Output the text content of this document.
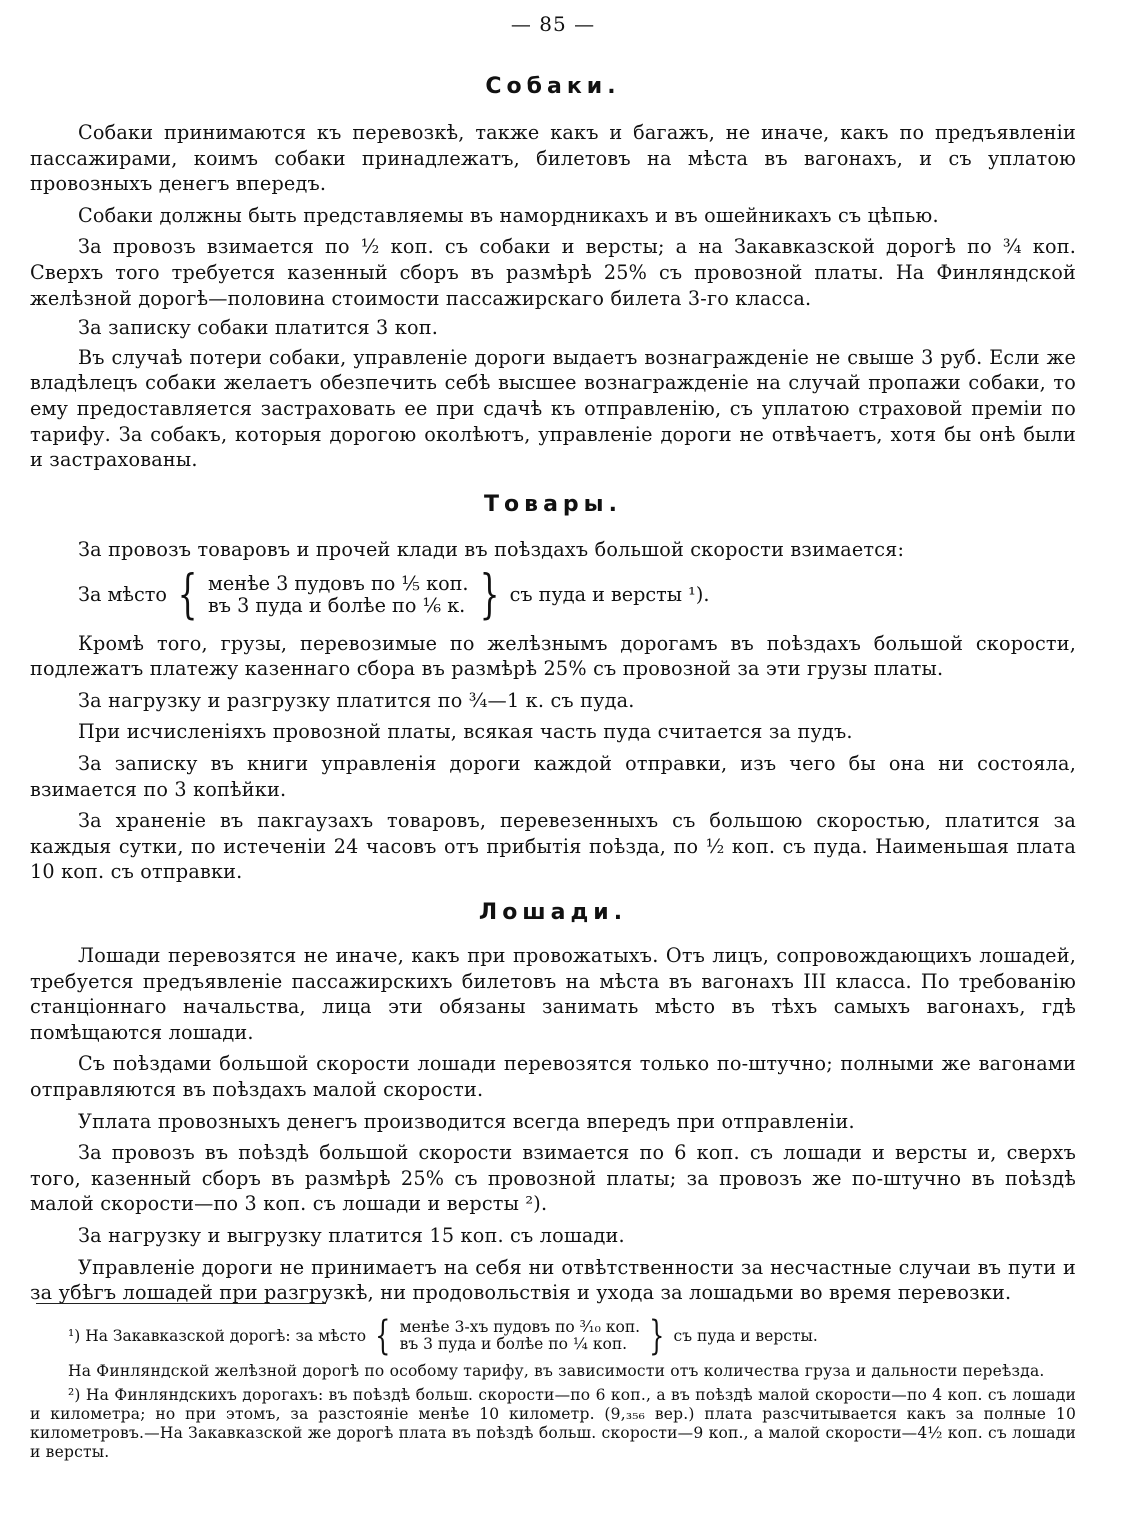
— 85 —
Собаки.

Собаки принимаются къ перевозкѣ, также какъ и багажъ, не иначе, какъ по предъявленіи пассажирами, коимъ собаки принадлежатъ, билетовъ на мѣста въ вагонахъ, и съ уплатою провозныхъ денегъ впередъ.

Собаки должны быть представляемы въ намордникахъ и въ ошейникахъ съ цѣпью.

За провозъ взимается по ½ коп. съ собаки и версты; а на Закавказской дорогѣ по ¾ коп. Сверхъ того требуется казенный сборъ въ размѣрѣ 25% съ провозной платы. На Финляндской желѣзной дорогѣ—половина стоимости пассажирскаго билета 3-го класса.

За записку собаки платится 3 коп.

Въ случаѣ потери собаки, управленіе дороги выдаетъ вознагражденіе не свыше 3 руб. Если же владѣлецъ собаки желаетъ обезпечить себѣ высшее вознагражденіе на случай пропажи собаки, то ему предоставляется застраховать ее при сдачѣ къ отправленію, съ уплатою страховой преміи по тарифу. За собакъ, которыя дорогою околѣютъ, управленіе дороги не отвѣчаетъ, хотя бы онѣ были и застрахованы.

Товары.

За провозъ товаровъ и прочей клади въ поѣздахъ большой скорости взимается:

За мѣсто { менѣе 3 пудовъ по ⅕ коп.
въ 3 пуда и болѣе по ⅙ к. } съ пуда и версты ¹).

Кромѣ того, грузы, перевозимые по желѣзнымъ дорогамъ въ поѣздахъ большой скорости, подлежатъ платежу казеннаго сбора въ размѣрѣ 25% съ провозной за эти грузы платы.

За нагрузку и разгрузку платится по ¾—1 к. съ пуда.

При исчисленіяхъ провозной платы, всякая часть пуда считается за пудъ.

За записку въ книги управленія дороги каждой отправки, изъ чего бы она ни состояла, взимается по 3 копѣйки.

За храненіе въ пакгаузахъ товаровъ, перевезенныхъ съ большою скоростью, платится за каждыя сутки, по истеченіи 24 часовъ отъ прибытія поѣзда, по ½ коп. съ пуда. Наименьшая плата 10 коп. съ отправки.

Лошади.

Лошади перевозятся не иначе, какъ при провожатыхъ. Отъ лицъ, сопровождающихъ лошадей, требуется предъявленіе пассажирскихъ билетовъ на мѣста въ вагонахъ III класса. По требованію станціоннаго начальства, лица эти обязаны занимать мѣсто въ тѣхъ самыхъ вагонахъ, гдѣ помѣщаются лошади.

Съ поѣздами большой скорости лошади перевозятся только по-штучно; полными же вагонами отправляются въ поѣздахъ малой скорости.

Уплата провозныхъ денегъ производится всегда впередъ при отправленіи.

За провозъ въ поѣздѣ большой скорости взимается по 6 коп. съ лошади и версты и, сверхъ того, казенный сборъ въ размѣрѣ 25% съ провозной платы; за провозъ же по-штучно въ поѣздѣ малой скорости—по 3 коп. съ лошади и версты ²).

За нагрузку и выгрузку платится 15 коп. съ лошади.

Управленіе дороги не принимаетъ на себя ни отвѣтственности за несчастные случаи въ пути и за убѣгъ лошадей при разгрузкѣ, ни продовольствія и ухода за лошадьми во время перевозки.

¹) На Закавказской дорогѣ: за мѣсто { менѣе 3-хъ пудовъ по ³⁄₁₀ коп.
въ 3 пуда и болѣе по ¼ коп. } съ пуда и версты.

На Финляндской желѣзной дорогѣ по особому тарифу, въ зависимости отъ количества груза и дальности переѣзда.

²) На Финляндскихъ дорогахъ: въ поѣздѣ больш. скорости—по 6 коп., а въ поѣздѣ малой скорости—по 4 коп. съ лошади и километра; но при этомъ, за разстояніе менѣе 10 километр. (9,₃₅₆ вер.) плата разсчитывается какъ за полные 10 километровъ.—На Закавказской же дорогѣ плата въ поѣздѣ больш. скорости—9 коп., а малой скорости—4½ коп. съ лошади и версты.
